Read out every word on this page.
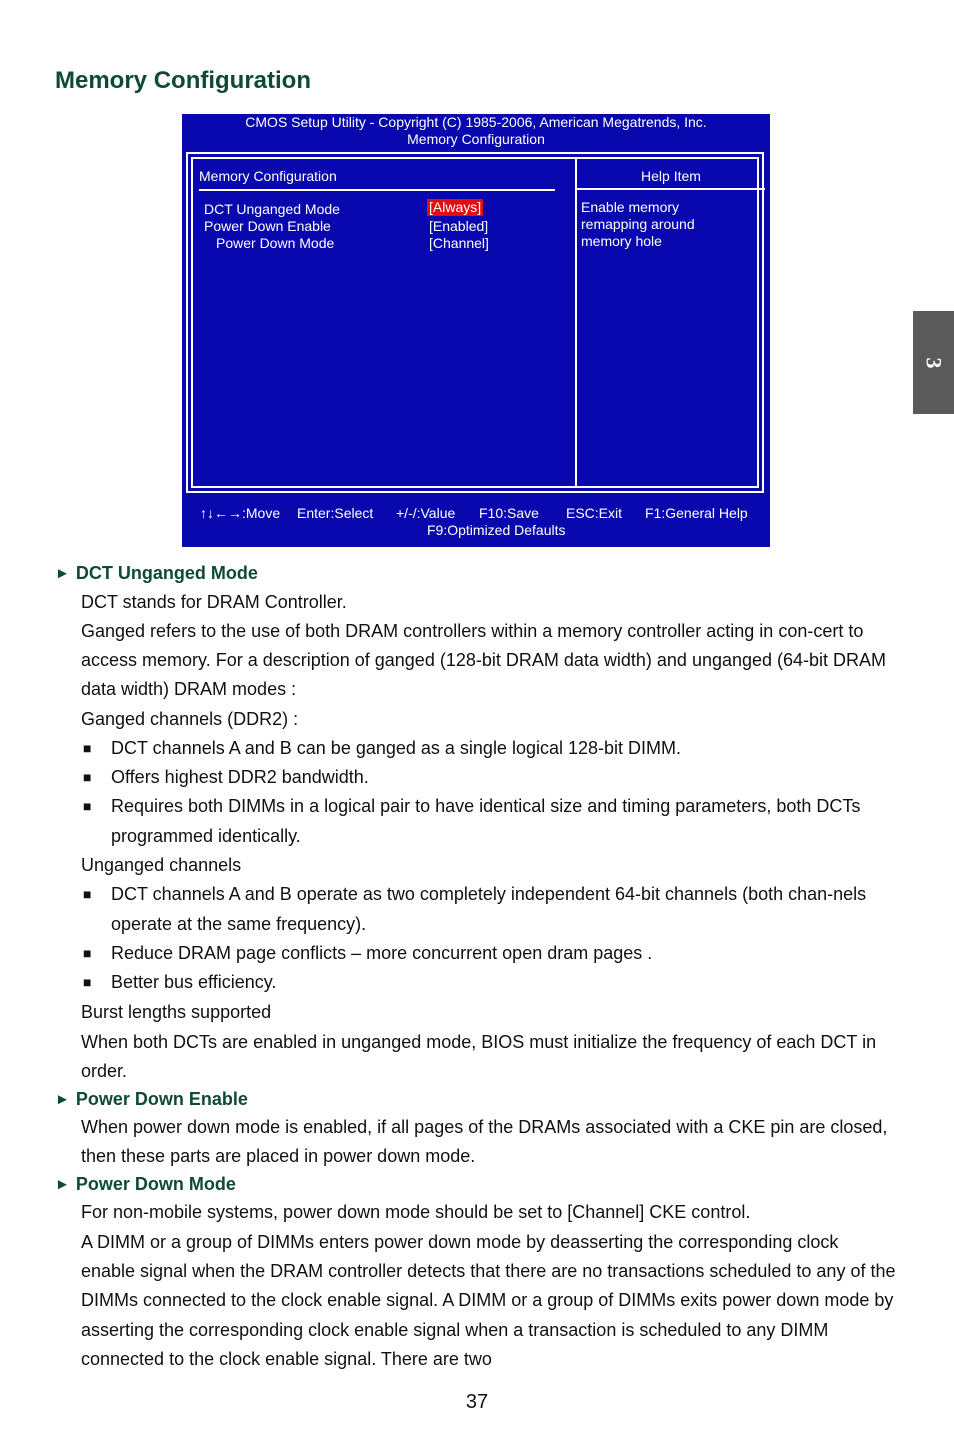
Memory Configuration
3
CMOS Setup Utility - Copyright (C) 1985-2006, American Megatrends, Inc.
Memory Configuration
Memory Configuration	Help Item
DCT Unganged Mode	[Always]
Power Down Enable	[Enabled]
Power Down Mode	[Channel]
Enable memory
remapping around
memory hole
↑↓←→:Move Enter:Select +/-/:Value F10:Save ESC:Exit F1:General Help
F9:Optimized Defaults
► DCT Unganged Mode

DCT stands for DRAM Controller.

Ganged refers to the use of both DRAM controllers within a memory controller acting in con-cert to access memory. For a description of ganged (128-bit DRAM data width) and unganged (64-bit DRAM data width) DRAM modes :

Ganged channels (DDR2) :

■	DCT channels A and B can be ganged as a single logical 128-bit DIMM.
■	Offers highest DDR2 bandwidth.
■	Requires both DIMMs in a logical pair to have identical size and timing parameters, both DCTs programmed identically.

Unganged channels

■	DCT channels A and B operate as two completely independent 64-bit channels (both chan-nels operate at the same frequency).
■	Reduce DRAM page conflicts – more concurrent open dram pages .
■	Better bus efficiency.

Burst lengths supported

When both DCTs are enabled in unganged mode, BIOS must initialize the frequency of each DCT in order.

► Power Down Enable

When power down mode is enabled, if all pages of the DRAMs associated with a CKE pin are closed, then these parts are placed in power down mode.

► Power Down Mode

For non-mobile systems, power down mode should be set to [Channel] CKE control.

A DIMM or a group of DIMMs enters power down mode by deasserting the corresponding clock enable signal when the DRAM controller detects that there are no transactions scheduled to any of the DIMMs connected to the clock enable signal. A DIMM or a group of DIMMs exits power down mode by asserting the corresponding clock enable signal when a transaction is scheduled to any DIMM connected to the clock enable signal. There are two

37
